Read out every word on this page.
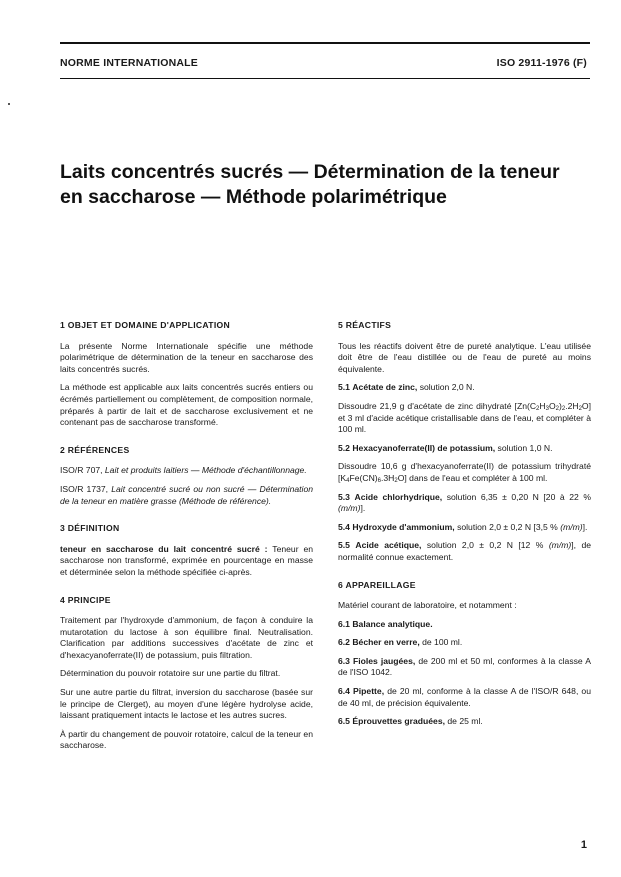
NORME INTERNATIONALE	ISO 2911-1976 (F)
Laits concentrés sucrés — Détermination de la teneur en saccharose — Méthode polarimétrique
1 OBJET ET DOMAINE D'APPLICATION

La présente Norme Internationale spécifie une méthode polarimétrique de détermination de la teneur en saccharose des laits concentrés sucrés.

La méthode est applicable aux laits concentrés sucrés entiers ou écrémés partiellement ou complètement, de composition normale, préparés à partir de lait et de saccharose exclusivement et ne contenant pas de saccharose transformé.

2 RÉFÉRENCES

ISO/R 707, Lait et produits laitiers — Méthode d'échantillonnage.

ISO/R 1737, Lait concentré sucré ou non sucré — Détermination de la teneur en matière grasse (Méthode de référence).

3 DÉFINITION

teneur en saccharose du lait concentré sucré : Teneur en saccharose non transformé, exprimée en pourcentage en masse et déterminée selon la méthode spécifiée ci-après.

4 PRINCIPE

Traitement par l'hydroxyde d'ammonium, de façon à conduire la mutarotation du lactose à son équilibre final. Neutralisation. Clarification par additions successives d'acétate de zinc et d'hexacyanoferrate(II) de potassium, puis filtration.

Détermination du pouvoir rotatoire sur une partie du filtrat.

Sur une autre partie du filtrat, inversion du saccharose (basée sur le principe de Clerget), au moyen d'une légère hydrolyse acide, laissant pratiquement intacts le lactose et les autres sucres.

À partir du changement de pouvoir rotatoire, calcul de la teneur en saccharose.

5 RÉACTIFS

Tous les réactifs doivent être de pureté analytique. L'eau utilisée doit être de l'eau distillée ou de l'eau de pureté au moins équivalente.

5.1 Acétate de zinc, solution 2,0 N.

Dissoudre 21,9 g d'acétate de zinc dihydraté $[Zn(C_2H_3O_2)_2.2H_2O]$ et 3 ml d'acide acétique cristallisable dans de l'eau, et compléter à 100 ml.

5.2 Hexacyanoferrate(II) de potassium, solution 1,0 N.

Dissoudre 10,6 g d'hexacyanoferrate(II) de potassium trihydraté $[K_4Fe(CN)_6.3H_2O]$ dans de l'eau et compléter à 100 ml.

5.3 Acide chlorhydrique, solution 6,35 ± 0,20 N [20 à 22 % (m/m)].

5.4 Hydroxyde d'ammonium, solution 2,0 ± 0,2 N [3,5 % (m/m)].

5.5 Acide acétique, solution 2,0 ± 0,2 N [12 % (m/m)], de normalité connue exactement.

6 APPAREILLAGE

Matériel courant de laboratoire, et notamment :

6.1 Balance analytique.

6.2 Bécher en verre, de 100 ml.

6.3 Fioles jaugées, de 200 ml et 50 ml, conformes à la classe A de l'ISO 1042.

6.4 Pipette, de 20 ml, conforme à la classe A de l'ISO/R 648, ou de 40 ml, de précision équivalente.

6.5 Éprouvettes graduées, de 25 ml.

1
